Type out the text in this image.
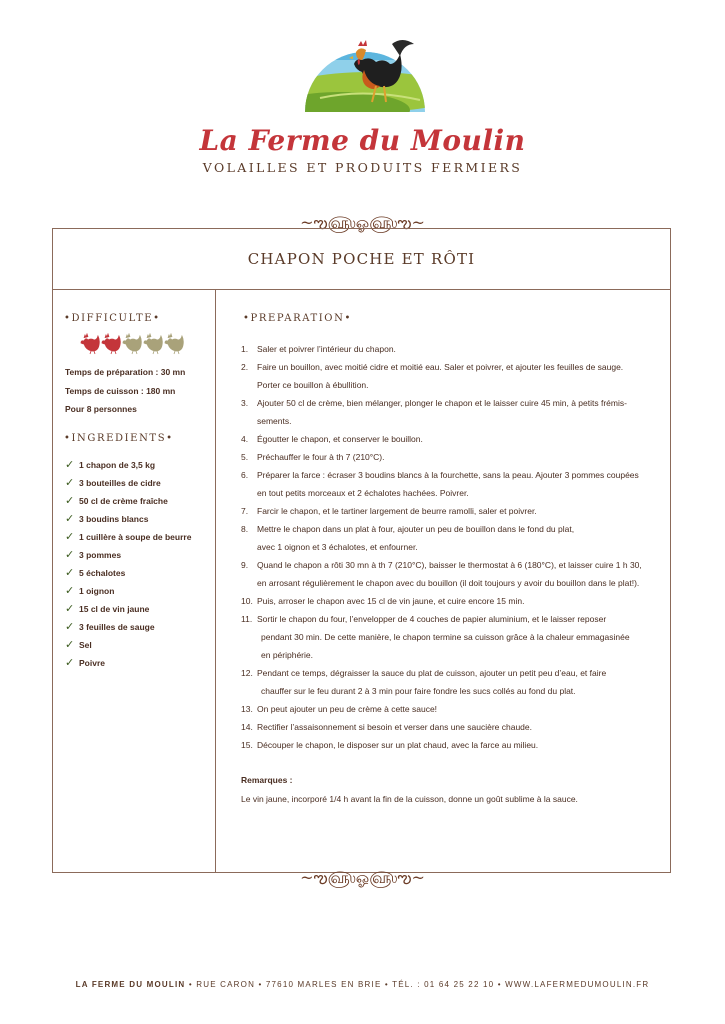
La Ferme du Moulin
VOLAILLES ET PRODUITS FERMIERS
~ఌ௵ஓ௵ఌ~
CHAPON POCHE ET RÔTI
•DIFFICULTE•
Temps de préparation : 30 mn
Temps de cuisson : 180 mn
Pour 8 personnes
•INGREDIENTS•
✓ 1 chapon de 3,5 kg
✓ 3 bouteilles de cidre
✓ 50 cl de crème fraîche
✓ 3 boudins blancs
✓ 1 cuillère à soupe de beurre
✓ 3 pommes
✓ 5 échalotes
✓ 1 oignon
✓ 15 cl de vin jaune
✓ 3 feuilles de sauge
✓ Sel
✓ Poivre
•PREPARATION•
1. Saler et poivrer l’intérieur du chapon.
2. Faire un bouillon, avec moitié cidre et moitié eau. Saler et poivrer, et ajouter les feuilles de sauge.
Porter ce bouillon à ébullition.
3. Ajouter 50 cl de crème, bien mélanger, plonger le chapon et le laisser cuire 45 min, à petits frémis-
sements.
4. Égoutter le chapon, et conserver le bouillon.
5. Préchauffer le four à th 7 (210°C).
6. Préparer la farce : écraser 3 boudins blancs à la fourchette, sans la peau. Ajouter 3 pommes coupées
en tout petits morceaux et 2 échalotes hachées. Poivrer.
7. Farcir le chapon, et le tartiner largement de beurre ramolli, saler et poivrer.
8. Mettre le chapon dans un plat à four, ajouter un peu de bouillon dans le fond du plat,
avec 1 oignon et 3 échalotes, et enfourner.
9. Quand le chapon a rôti 30 mn à th 7 (210°C), baisser le thermostat à 6 (180°C), et laisser cuire 1 h 30,
en arrosant régulièrement le chapon avec du bouillon (il doit toujours y avoir du bouillon dans le plat!).
10. Puis, arroser le chapon avec 15 cl de vin jaune, et cuire encore 15 min.
11. Sortir le chapon du four, l’envelopper de 4 couches de papier aluminium, et le laisser reposer
pendant 30 min. De cette manière, le chapon termine sa cuisson grâce à la chaleur emmagasinée
en périphérie.
12. Pendant ce temps, dégraisser la sauce du plat de cuisson, ajouter un petit peu d’eau, et faire
chauffer sur le feu durant 2 à 3 min pour faire fondre les sucs collés au fond du plat.
13. On peut ajouter un peu de crème à cette sauce!
14. Rectifier l’assaisonnement si besoin et verser dans une saucière chaude.
15. Découper le chapon, le disposer sur un plat chaud, avec la farce au milieu.
Remarques :
Le vin jaune, incorporé 1/4 h avant la fin de la cuisson, donne un goût sublime à la sauce.
~ఌ௵ஓ௵ఌ~
LA FERME DU MOULIN • RUE CARON • 77610 MARLES EN BRIE • TÉL. : 01 64 25 22 10 • WWW.LAFERMEDUMOULIN.FR
